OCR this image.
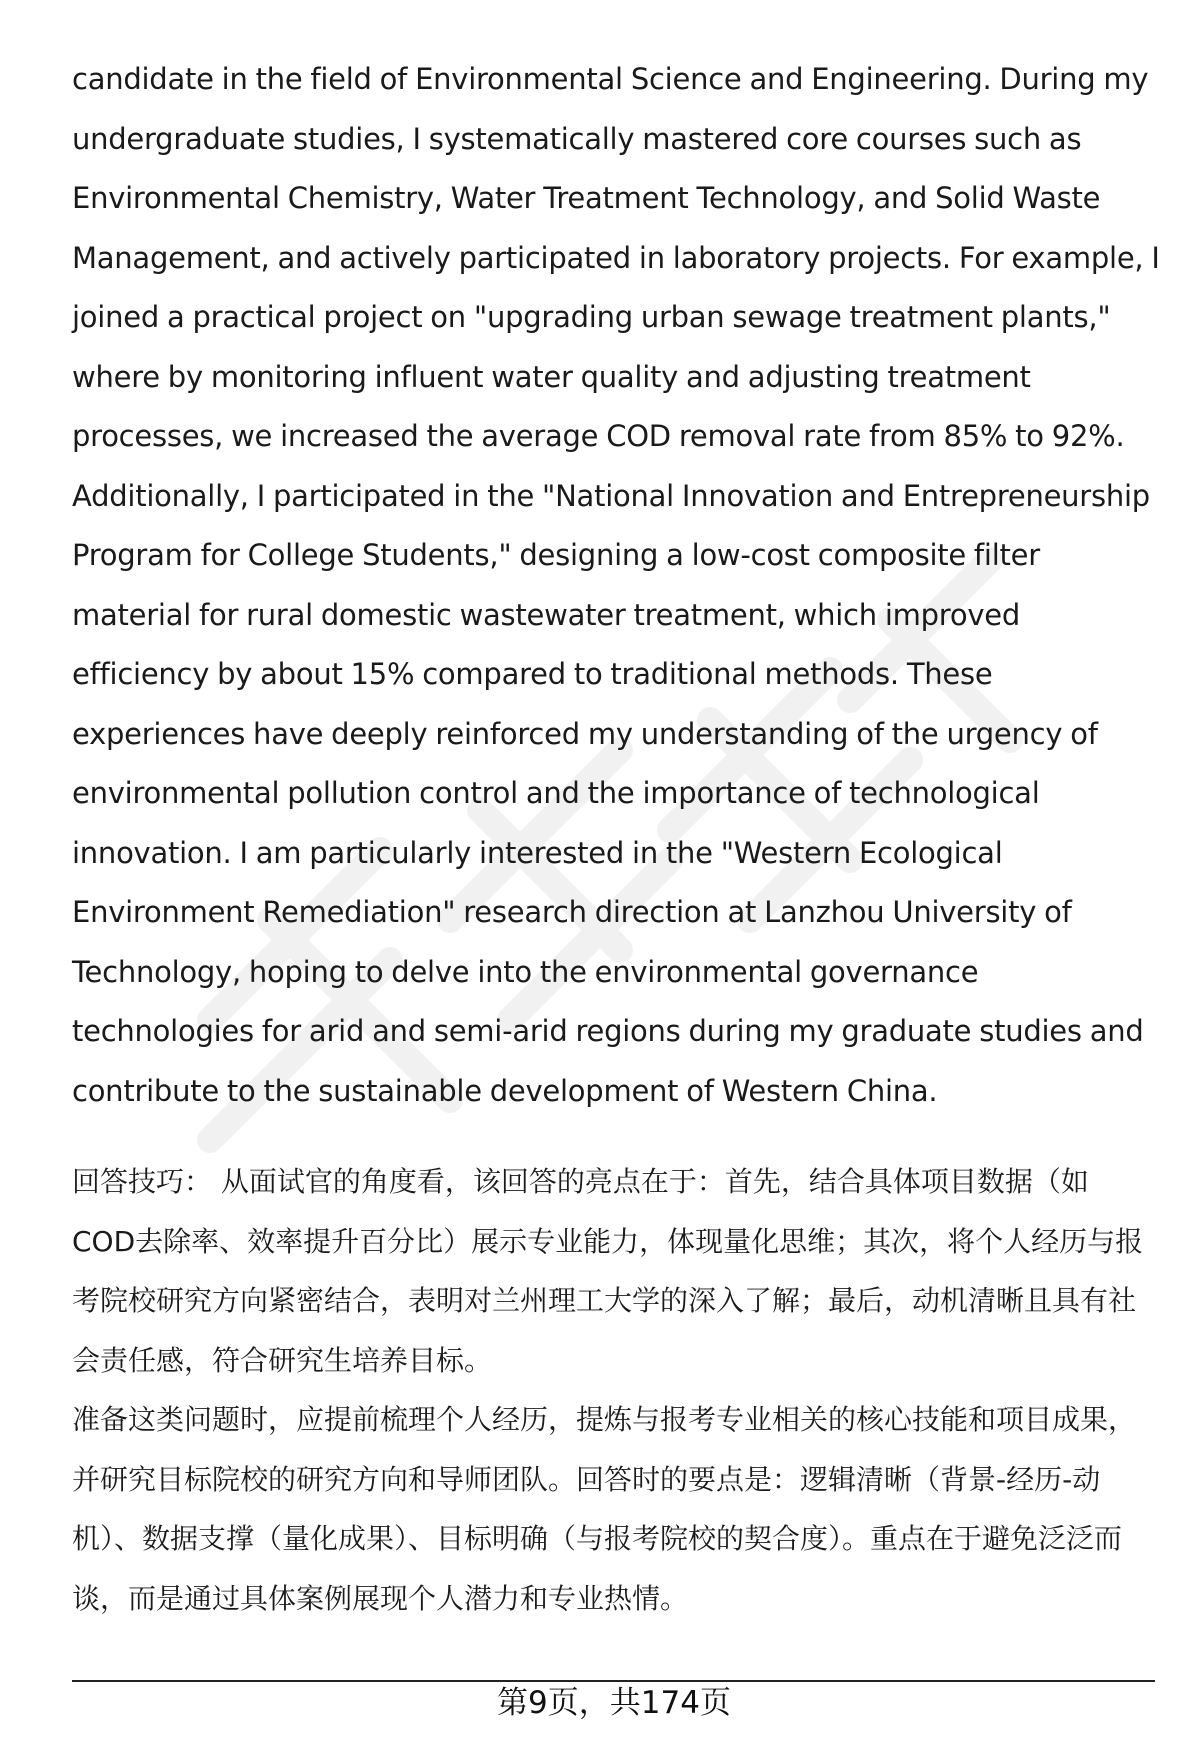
candidate in the field of Environmental Science and Engineering. During my undergraduate studies, I systematically mastered core courses such as Environmental Chemistry, Water Treatment Technology, and Solid Waste Management, and actively participated in laboratory projects. For example, I joined a practical project on "upgrading urban sewage treatment plants," where by monitoring influent water quality and adjusting treatment processes, we increased the average COD removal rate from 85% to 92%. Additionally, I participated in the "National Innovation and Entrepreneurship Program for College Students," designing a low-cost composite filter material for rural domestic wastewater treatment, which improved efficiency by about 15% compared to traditional methods. These experiences have deeply reinforced my understanding of the urgency of environmental pollution control and the importance of technological innovation. I am particularly interested in the "Western Ecological Environment Remediation" research direction at Lanzhou University of Technology, hoping to delve into the environmental governance technologies for arid and semi-arid regions during my graduate studies and contribute to the sustainable development of Western China.

回答技巧： 从面试官的角度看，该回答的亮点在于：首先，结合具体项目数据（如COD去除率、效率提升百分比）展示专业能力，体现量化思维；其次，将个人经历与报考院校研究方向紧密结合，表明对兰州理工大学的深入了解；最后，动机清晰且具有社会责任感，符合研究生培养目标。

准备这类问题时，应提前梳理个人经历，提炼与报考专业相关的核心技能和项目成果，并研究目标院校的研究方向和导师团队。回答时的要点是：逻辑清晰（背景-经历-动机）、数据支撑（量化成果）、目标明确（与报考院校的契合度）。重点在于避免泛泛而谈，而是通过具体案例展现个人潜力和专业热情。

第9页，共174页
